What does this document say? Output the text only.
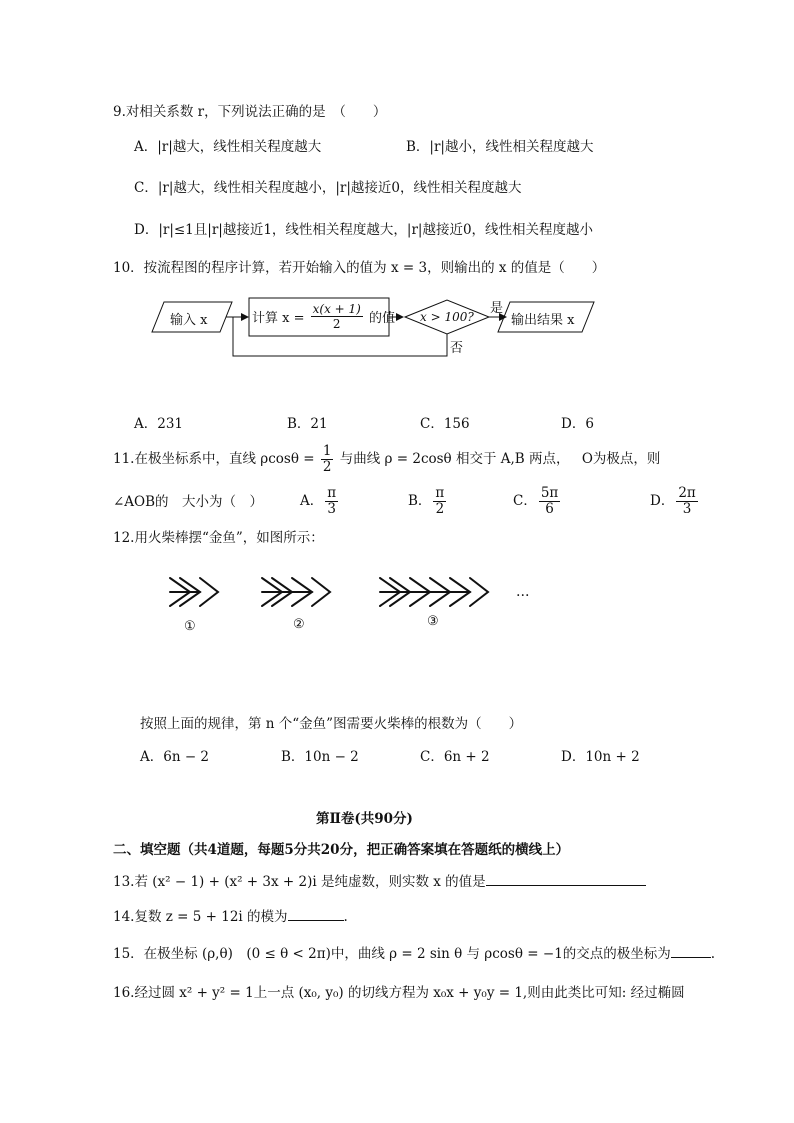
9.对相关系数 r，下列说法正确的是　（　　）
A．|r|越大，线性相关程度越大	B．|r|越小，线性相关程度越大
C．|r|越大，线性相关程度越小，|r|越接近0，线性相关程度越大
D．|r|≤1且|r|越接近1，线性相关程度越大，|r|越接近0，线性相关程度越小
10．按流程图的程序计算，若开始输入的值为 x = 3，则输出的 x 的值是（　　）
输入 x	计算 $x = \frac{x(x + 1)}{2}$ 的值 x > 100?
是
否
输出结果 x
A．231	B．21	C．156	D．6
11.在极坐标系中，直线 $\rho\cos\theta = \frac{1}{2}$ 与曲线 ρ = 2cosθ 相交于 A,B 两点， O为极点，则
∠AOB的　大小为（　）	A． $\frac{\pi}{3}$	B． $\frac{\pi}{2}$	C． $\frac{5\pi}{6}$	D． $\frac{2\pi}{3}$
12.用火柴棒摆“金鱼”，如图所示：
…
①	②	③
按照上面的规律，第 n 个“金鱼”图需要火柴棒的根数为（　　）
A．6n − 2	B．10n − 2	C．6n + 2	D．10n + 2
第Ⅱ卷(共90分)
二、填空题（共4道题，每题5分共20分，把正确答案填在答题纸的横线上）
13.若 (x² − 1) + (x² + 3x + 2)i 是纯虚数，则实数 x 的值是
14.复数 z = 5 + 12i 的模为	.
15．在极坐标 (ρ,θ)　(0 ≤ θ < 2π)中，曲线 ρ = 2 sin θ 与 ρcosθ = −1的交点的极坐标为	.
16.经过圆 x² + y² = 1上一点 (x₀, y₀) 的切线方程为 x₀x + y₀y = 1,则由此类比可知: 经过椭圆
